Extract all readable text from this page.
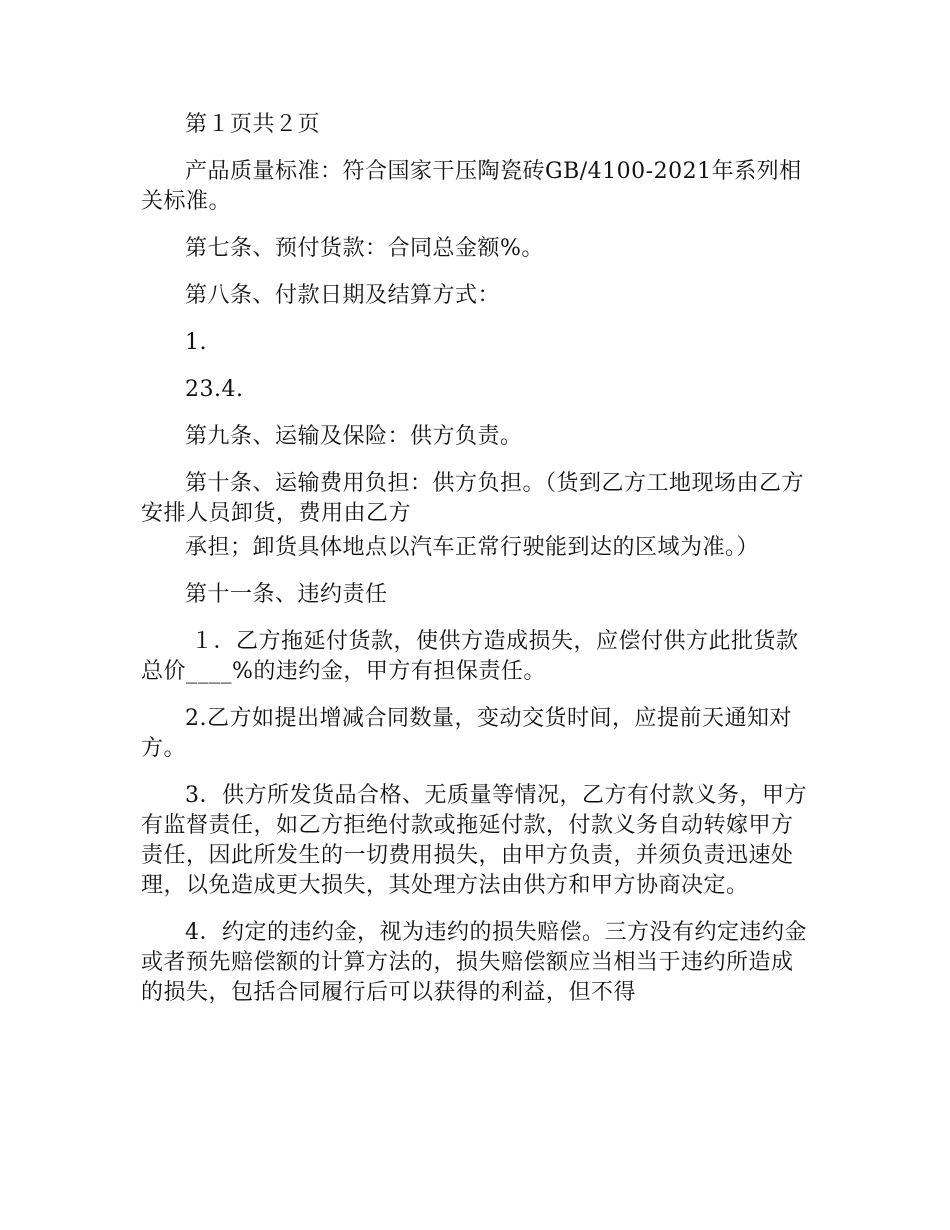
第１页共２页

产品质量标准：符合国家干压陶瓷砖GB/4100-2021年系列相关标准。

第七条、预付货款：合同总金额%。

第八条、付款日期及结算方式：

1.

23.4.

第九条、运输及保险：供方负责。

第十条、运输费用负担：供方负担。（货到乙方工地现场由乙方安排人员卸货，费用由乙方

承担；卸货具体地点以汽车正常行驶能到达的区域为准。）

第十一条、违约责任

１．乙方拖延付货款，使供方造成损失，应偿付供方此批货款总价____%的违约金，甲方有担保责任。

2.乙方如提出增减合同数量，变动交货时间，应提前天通知对方。

3．供方所发货品合格、无质量等情况，乙方有付款义务，甲方有监督责任，如乙方拒绝付款或拖延付款，付款义务自动转嫁甲方责任，因此所发生的一切费用损失，由甲方负责，并须负责迅速处理，以免造成更大损失，其处理方法由供方和甲方协商决定。

4．约定的违约金，视为违约的损失赔偿。三方没有约定违约金或者预先赔偿额的计算方法的，损失赔偿额应当相当于违约所造成的损失，包括合同履行后可以获得的利益，但不得
